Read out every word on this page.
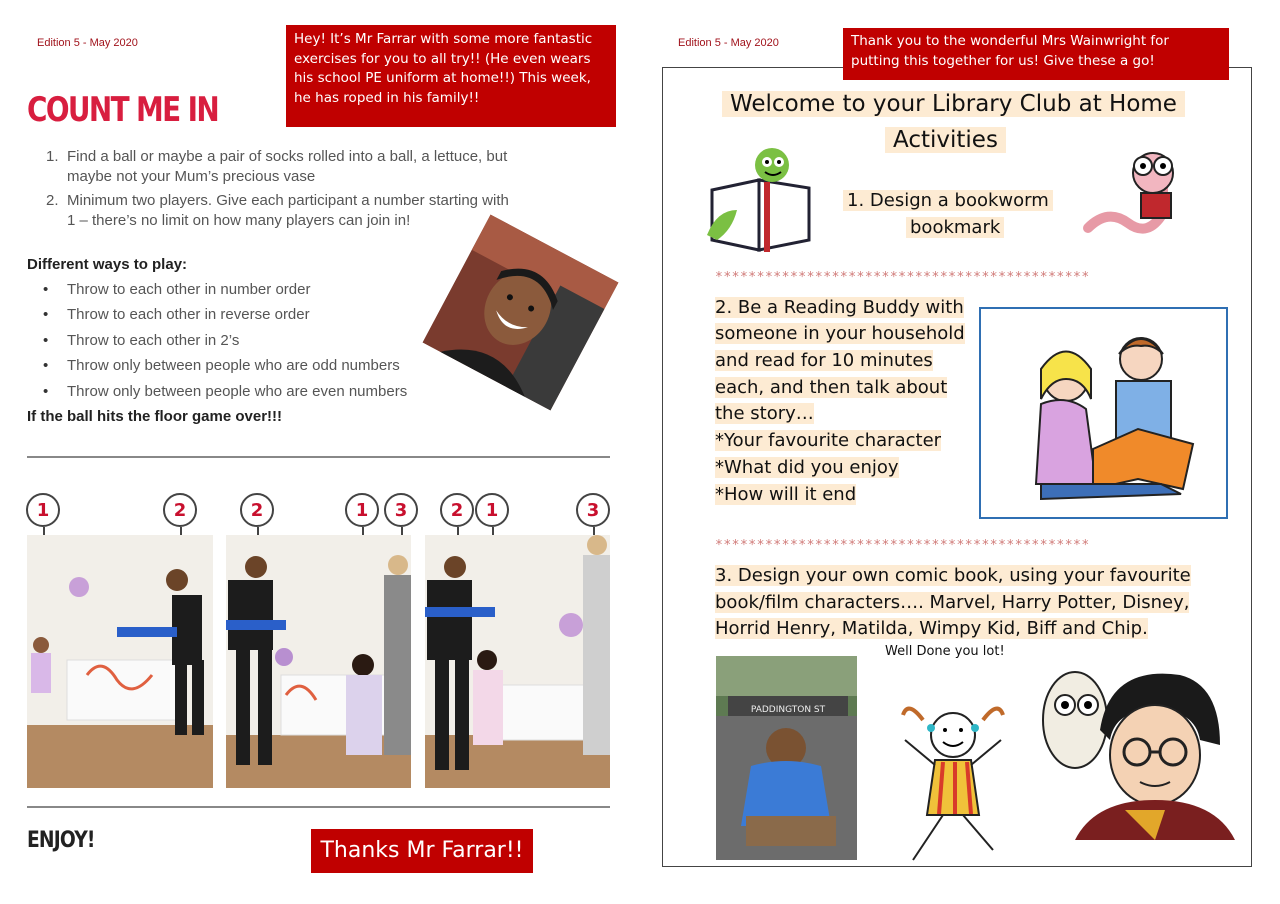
Edition 5 - May 2020	Hey! It’s Mr Farrar with some more fantastic exercises for you to all try!! (He even wears his school PE uniform at home!!) This week, he has roped in his family!!
COUNT ME IN
1. Find a ball or maybe a pair of socks rolled into a ball, a lettuce, but maybe not your Mum’s precious vase
2. Minimum two players. Give each participant a number starting with 1 – there’s no limit on how many players can join in!
Different ways to play:
• Throw to each other in number order
• Throw to each other in reverse order
• Throw to each other in 2’s
• Throw only between people who are odd numbers
• Throw only between people who are even numbers
If the ball hits the floor game over!!!
1	2	2	1	3	2	1	3
ENJOY!	Thanks Mr Farrar!!
Edition 5 - May 2020	Thank you to the wonderful Mrs Wainwright for putting this together for us! Give these a go!
Welcome to your Library Club at Home
Activities
1. Design a bookworm
bookmark
*********************************************
2. Be a Reading Buddy with
someone in your household
and read for 10 minutes
each, and then talk about
the story…
*Your favourite character
*What did you enjoy
*How will it end
*********************************************
3. Design your own comic book, using your favourite
book/film characters…. Marvel, Harry Potter, Disney,
Horrid Henry, Matilda, Wimpy Kid, Biff and Chip.
Well Done you lot!
PADDINGTON ST
